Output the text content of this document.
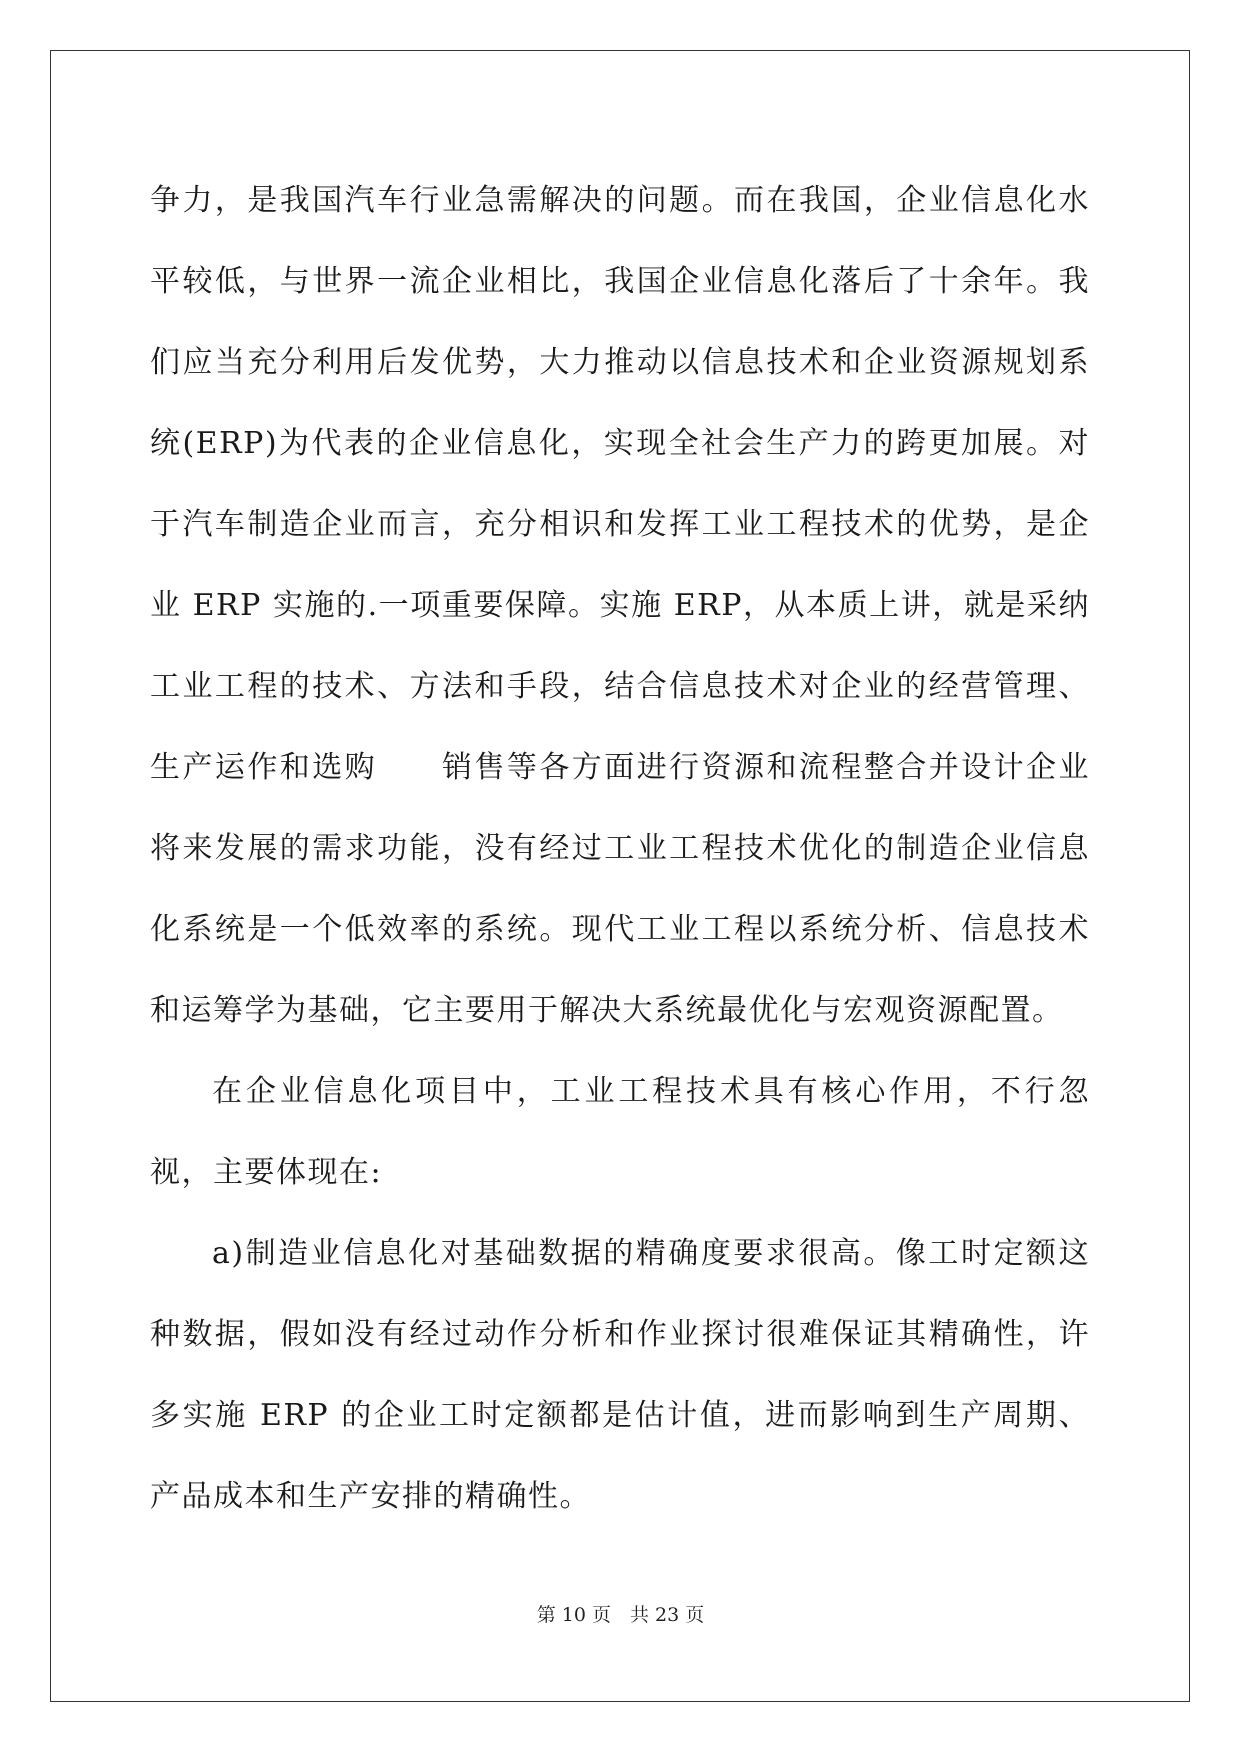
争力，是我国汽车行业急需解决的问题。而在我国，企业信息化水平较低，与世界一流企业相比，我国企业信息化落后了十余年。我们应当充分利用后发优势，大力推动以信息技术和企业资源规划系统(ERP)为代表的企业信息化，实现全社会生产力的跨更加展。对于汽车制造企业而言，充分相识和发挥工业工程技术的优势，是企业 ERP 实施的.一项重要保障。实施 ERP，从本质上讲，就是采纳工业工程的技术、方法和手段，结合信息技术对企业的经营管理、生产运作和选购　　销售等各方面进行资源和流程整合并设计企业将来发展的需求功能，没有经过工业工程技术优化的制造企业信息化系统是一个低效率的系统。现代工业工程以系统分析、信息技术和运筹学为基础，它主要用于解决大系统最优化与宏观资源配置。

在企业信息化项目中，工业工程技术具有核心作用，不行忽视，主要体现在:

a)制造业信息化对基础数据的精确度要求很高。像工时定额这种数据，假如没有经过动作分析和作业探讨很难保证其精确性，许多实施 ERP 的企业工时定额都是估计值，进而影响到生产周期、产品成本和生产安排的精确性。

第 10 页　共 23 页
